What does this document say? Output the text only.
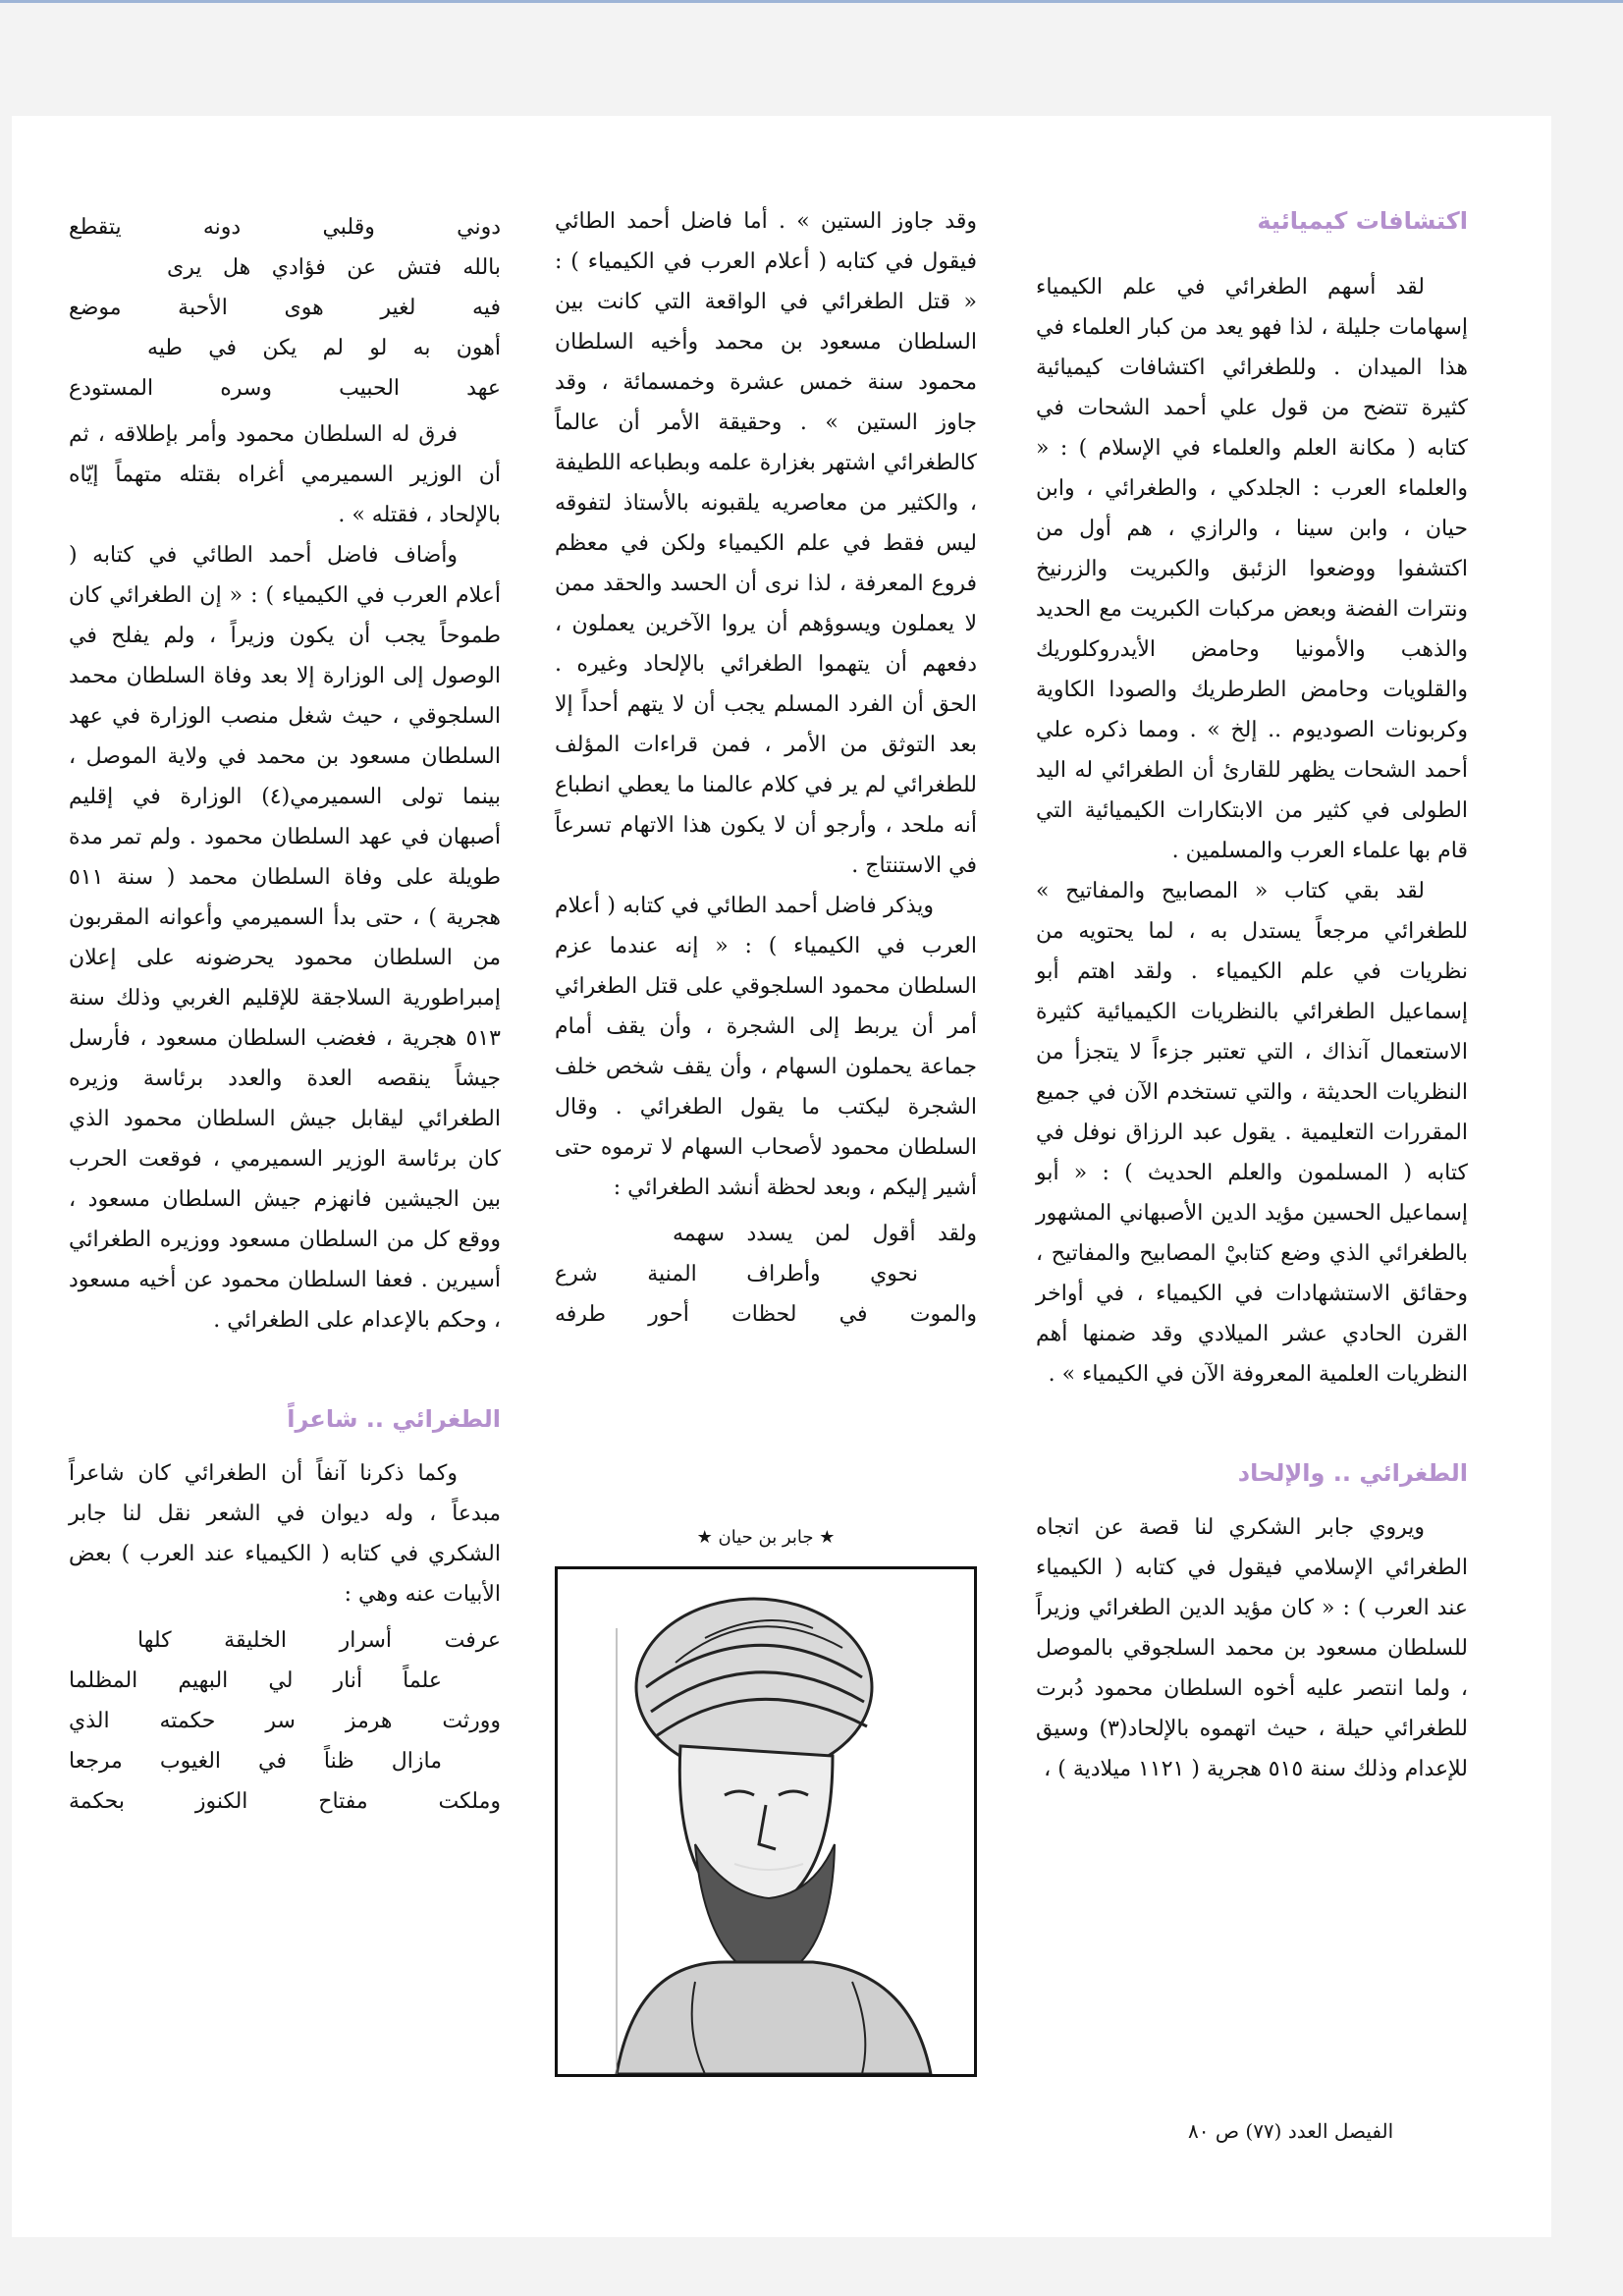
اكتشافات كيميائية

لقد أسهم الطغرائي في علم الكيمياء إسهامات جليلة ، لذا فهو يعد من كبار العلماء في هذا الميدان . وللطغرائي اكتشافات كيميائية كثيرة تتضح من قول علي أحمد الشحات في كتابه ( مكانة العلم والعلماء في الإسلام ) : « والعلماء العرب : الجلدكي ، والطغرائي ، وابن حيان ، وابن سينا ، والرازي ، هم أول من اكتشفوا ووضعوا الزئبق والكبريت والزرنيخ ونترات الفضة وبعض مركبات الكبريت مع الحديد والذهب والأمونيا وحامض الأيدروكلوريك والقلويات وحامض الطرطريك والصودا الكاوية وكربونات الصوديوم .. إلخ » . ومما ذكره علي أحمد الشحات يظهر للقارئ أن الطغرائي له اليد الطولى في كثير من الابتكارات الكيميائية التي قام بها علماء العرب والمسلمين .

لقد بقي كتاب « المصابيح والمفاتيح » للطغرائي مرجعاً يستدل به ، لما يحتويه من نظريات في علم الكيمياء . ولقد اهتم أبو إسماعيل الطغرائي بالنظريات الكيميائية كثيرة الاستعمال آنذاك ، التي تعتبر جزءاً لا يتجزأ من النظريات الحديثة ، والتي تستخدم الآن في جميع المقررات التعليمية . يقول عبد الرزاق نوفل في كتابه ( المسلمون والعلم الحديث ) : « أبو إسماعيل الحسين مؤيد الدين الأصبهاني المشهور بالطغرائي الذي وضع كتابيْ المصابيح والمفاتيح ، وحقائق الاستشهادات في الكيمياء ، في أواخر القرن الحادي عشر الميلادي وقد ضمنها أهم النظريات العلمية المعروفة الآن في الكيمياء » .

الطغرائي .. والإلحاد

ويروي جابر الشكري لنا قصة عن اتجاه الطغرائي الإسلامي فيقول في كتابه ( الكيمياء عند العرب ) : « كان مؤيد الدين الطغرائي وزيراً للسلطان مسعود بن محمد السلجوقي بالموصل ، ولما انتصر عليه أخوه السلطان محمود دُبرت للطغرائي حيلة ، حيث اتهموه بالإلحاد(٣) وسيق للإعدام وذلك سنة ٥١٥ هجرية ( ١١٢١ ميلادية ) ،

وقد جاوز الستين » . أما فاضل أحمد الطائي فيقول في كتابه ( أعلام العرب في الكيمياء ) : « قتل الطغرائي في الواقعة التي كانت بين السلطان مسعود بن محمد وأخيه السلطان محمود سنة خمس عشرة وخمسمائة ، وقد جاوز الستين » . وحقيقة الأمر أن عالماً كالطغرائي اشتهر بغزارة علمه وبطباعه اللطيفة ، والكثير من معاصريه يلقبونه بالأستاذ لتفوقه ليس فقط في علم الكيمياء ولكن في معظم فروع المعرفة ، لذا نرى أن الحسد والحقد ممن لا يعملون ويسوؤهم أن يروا الآخرين يعملون ، دفعهم أن يتهموا الطغرائي بالإلحاد وغيره . الحق أن الفرد المسلم يجب أن لا يتهم أحداً إلا بعد التوثق من الأمر ، فمن قراءات المؤلف للطغرائي لم ير في كلام عالمنا ما يعطي انطباع أنه ملحد ، وأرجو أن لا يكون هذا الاتهام تسرعاً في الاستنتاج .

ويذكر فاضل أحمد الطائي في كتابه ( أعلام العرب في الكيمياء ) : « إنه عندما عزم السلطان محمود السلجوقي على قتل الطغرائي أمر أن يربط إلى الشجرة ، وأن يقف أمام جماعة يحملون السهام ، وأن يقف شخص خلف الشجرة ليكتب ما يقول الطغرائي . وقال السلطان محمود لأصحاب السهام لا ترموه حتى أشير إليكم ، وبعد لحظة أنشد الطغرائي :

ولقد أقول لمن يسدد سهمه

نحوي وأطراف المنية شرع

والموت في لحظات أحور طرفه

★ جابر بن حيان ★

دوني وقلبي دونه يتقطع

بالله فتش عن فؤادي هل يرى

فيه لغير هوى الأحبة موضع

أهون به لو لم يكن في طيه

عهد الحبيب وسره المستودع

فرق له السلطان محمود وأمر بإطلاقه ، ثم أن الوزير السميرمي أغراه بقتله متهماً إيّاه بالإلحاد ، فقتله » .

وأضاف فاضل أحمد الطائي في كتابه ( أعلام العرب في الكيمياء ) : « إن الطغرائي كان طموحاً يجب أن يكون وزيراً ، ولم يفلح في الوصول إلى الوزارة إلا بعد وفاة السلطان محمد السلجوقي ، حيث شغل منصب الوزارة في عهد السلطان مسعود بن محمد في ولاية الموصل ، بينما تولى السميرمي(٤) الوزارة في إقليم أصبهان في عهد السلطان محمود . ولم تمر مدة طويلة على وفاة السلطان محمد ( سنة ٥١١ هجرية ) ، حتى بدأ السميرمي وأعوانه المقربون من السلطان محمود يحرضونه على إعلان إمبراطورية السلاجقة للإقليم الغربي وذلك سنة ٥١٣ هجرية ، فغضب السلطان مسعود ، فأرسل جيشاً ينقصه العدة والعدد برئاسة وزيره الطغرائي ليقابل جيش السلطان محمود الذي كان برئاسة الوزير السميرمي ، فوقعت الحرب بين الجيشين فانهزم جيش السلطان مسعود ، ووقع كل من السلطان مسعود ووزيره الطغرائي أسيرين . فعفا السلطان محمود عن أخيه مسعود ، وحكم بالإعدام على الطغرائي .

الطغرائي .. شاعراً

وكما ذكرنا آنفاً أن الطغرائي كان شاعراً مبدعاً ، وله ديوان في الشعر نقل لنا جابر الشكري في كتابه ( الكيمياء عند العرب ) بعض الأبيات عنه وهي :

عرفت أسرار الخليقة كلها

علماً أنار لي البهيم المظلما

وورثت هرمز سر حكمته الذي

مازال ظناً في الغيوب مرجعا

وملكت مفتاح الكنوز بحكمة

الفيصل العدد (٧٧) ص ٨٠
